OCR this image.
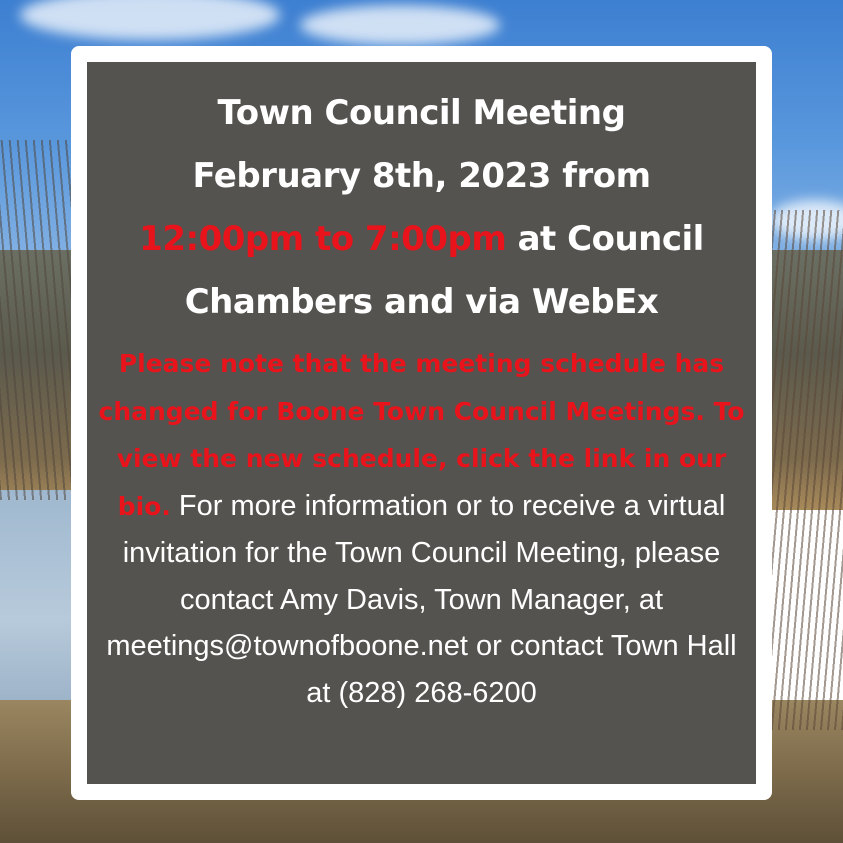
Town Council Meeting
February 8th, 2023 from
12:00pm to 7:00pm at Council
Chambers and via WebEx
Please note that the meeting schedule has changed for Boone Town Council Meetings. To view the new schedule, click the link in our bio. For more information or to receive a virtual invitation for the Town Council Meeting, please contact Amy Davis, Town Manager, at meetings@townofboone.net or contact Town Hall at (828) 268-6200
